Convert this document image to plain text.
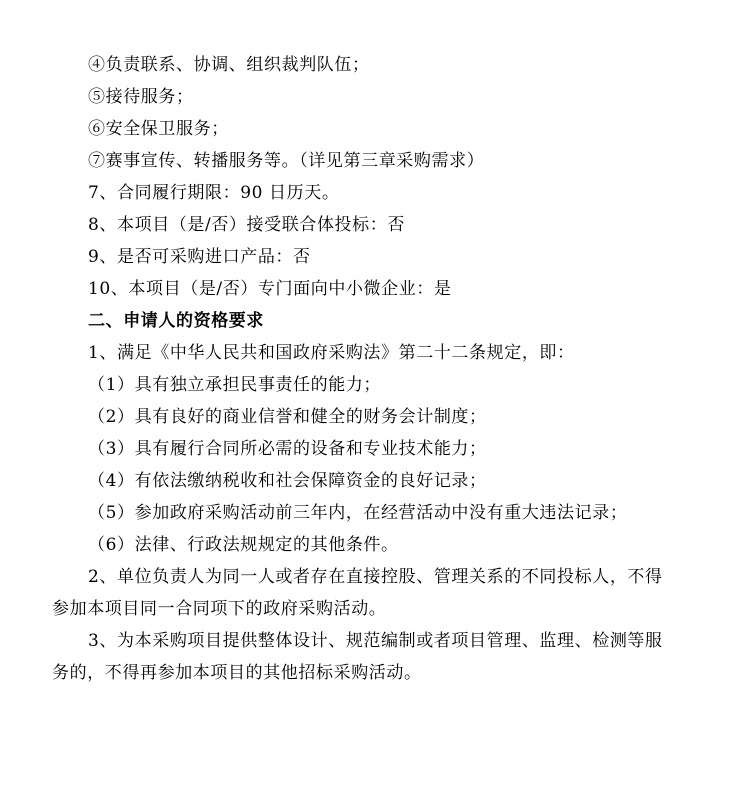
④负责联系、协调、组织裁判队伍；
⑤接待服务；
⑥安全保卫服务；
⑦赛事宣传、转播服务等。（详见第三章采购需求）
7、合同履行期限：90 日历天。
8、本项目（是/否）接受联合体投标：否
9、是否可采购进口产品：否
10、本项目（是/否）专门面向中小微企业：是
二、申请人的资格要求
1、满足《中华人民共和国政府采购法》第二十二条规定，即：
（1）具有独立承担民事责任的能力；
（2）具有良好的商业信誉和健全的财务会计制度；
（3）具有履行合同所必需的设备和专业技术能力；
（4）有依法缴纳税收和社会保障资金的良好记录；
（5）参加政府采购活动前三年内，在经营活动中没有重大违法记录；
（6）法律、行政法规规定的其他条件。
2、单位负责人为同一人或者存在直接控股、管理关系的不同投标人，不得
参加本项目同一合同项下的政府采购活动。
3、为本采购项目提供整体设计、规范编制或者项目管理、监理、检测等服
务的，不得再参加本项目的其他招标采购活动。
